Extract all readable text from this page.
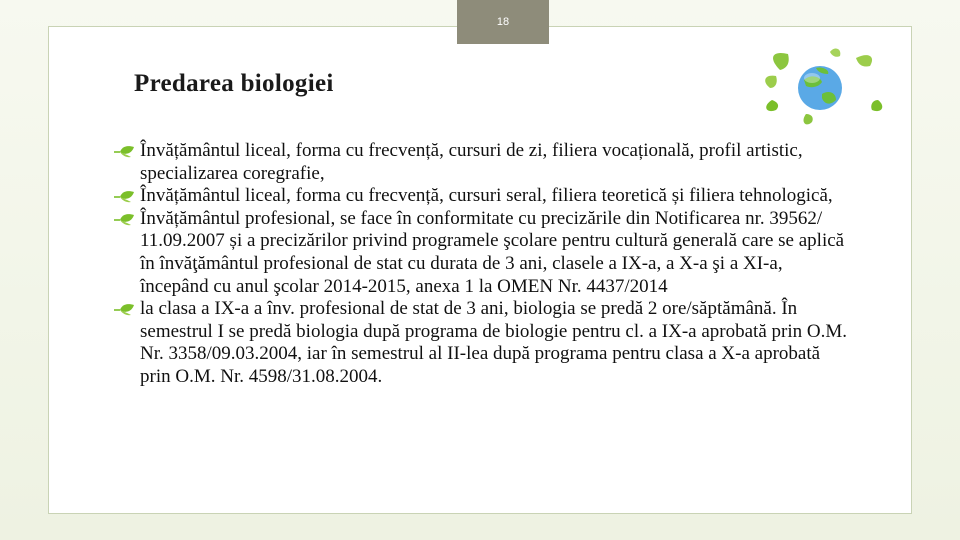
18
Predarea biologiei
Învățământul liceal, forma cu frecvență, cursuri de zi, filiera vocațională, profil artistic, specializarea coregrafie,
Învățământul liceal, forma cu frecvență, cursuri seral, filiera teoretică și filiera tehnologică,
Învățământul profesional, se face în conformitate cu precizările din Notificarea nr. 39562/ 11.09.2007 și a precizărilor privind programele şcolare pentru cultură generală care se aplică în învăţământul profesional de stat cu durata de 3 ani, clasele a IX-a, a X-a şi a XI-a, începând cu anul şcolar 2014-2015, anexa 1 la OMEN Nr. 4437/2014
la clasa a IX-a a înv. profesional de stat de 3 ani, biologia se predă 2 ore/săptămână. În semestrul I se predă biologia după programa de biologie pentru cl. a IX-a aprobată prin O.M. Nr. 3358/09.03.2004, iar în semestrul al II-lea după programa pentru clasa a X-a aprobată prin O.M. Nr. 4598/31.08.2004.
